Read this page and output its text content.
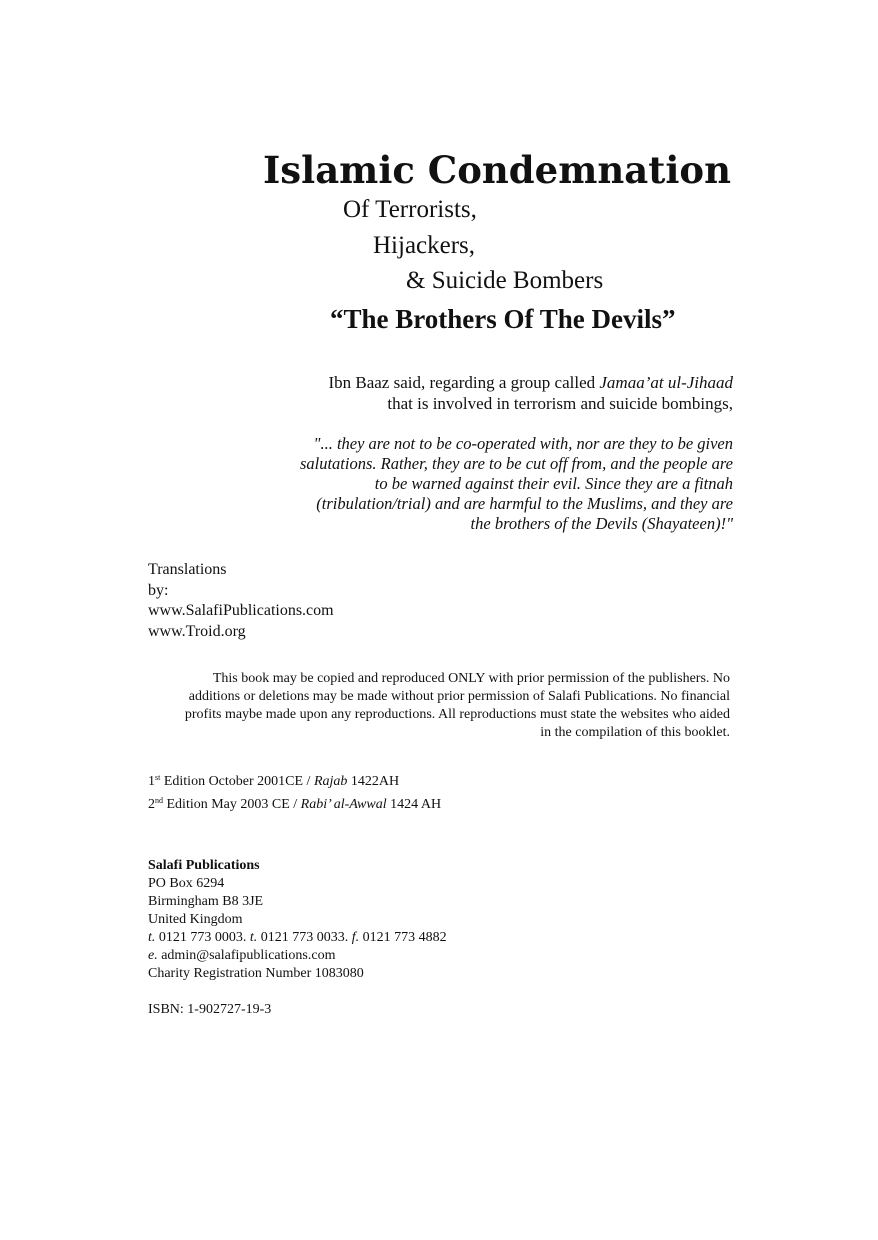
Islamic Condemnation
Of Terrorists,
Hijackers,
& Suicide Bombers
“The Brothers Of The Devils”
Ibn Baaz said, regarding a group called Jamaa’at ul-Jihaad
that is involved in terrorism and suicide bombings,
"... they are not to be co-operated with, nor are they to be given
salutations. Rather, they are to be cut off from, and the people are
to be warned against their evil. Since they are a fitnah
(tribulation/trial) and are harmful to the Muslims, and they are
the brothers of the Devils (Shayateen)!"
Translations
by:
www.SalafiPublications.com
www.Troid.org
This book may be copied and reproduced ONLY with prior permission of the publishers. No
additions or deletions may be made without prior permission of Salafi Publications. No financial
profits maybe made upon any reproductions. All reproductions must state the websites who aided
in the compilation of this booklet.
1st Edition October 2001CE / Rajab 1422AH
2nd Edition May 2003 CE / Rabi’ al-Awwal 1424 AH
Salafi Publications
PO Box 6294
Birmingham B8 3JE
United Kingdom
t. 0121 773 0003. t. 0121 773 0033. f. 0121 773 4882
e. admin@salafipublications.com
Charity Registration Number 1083080
ISBN: 1-902727-19-3
